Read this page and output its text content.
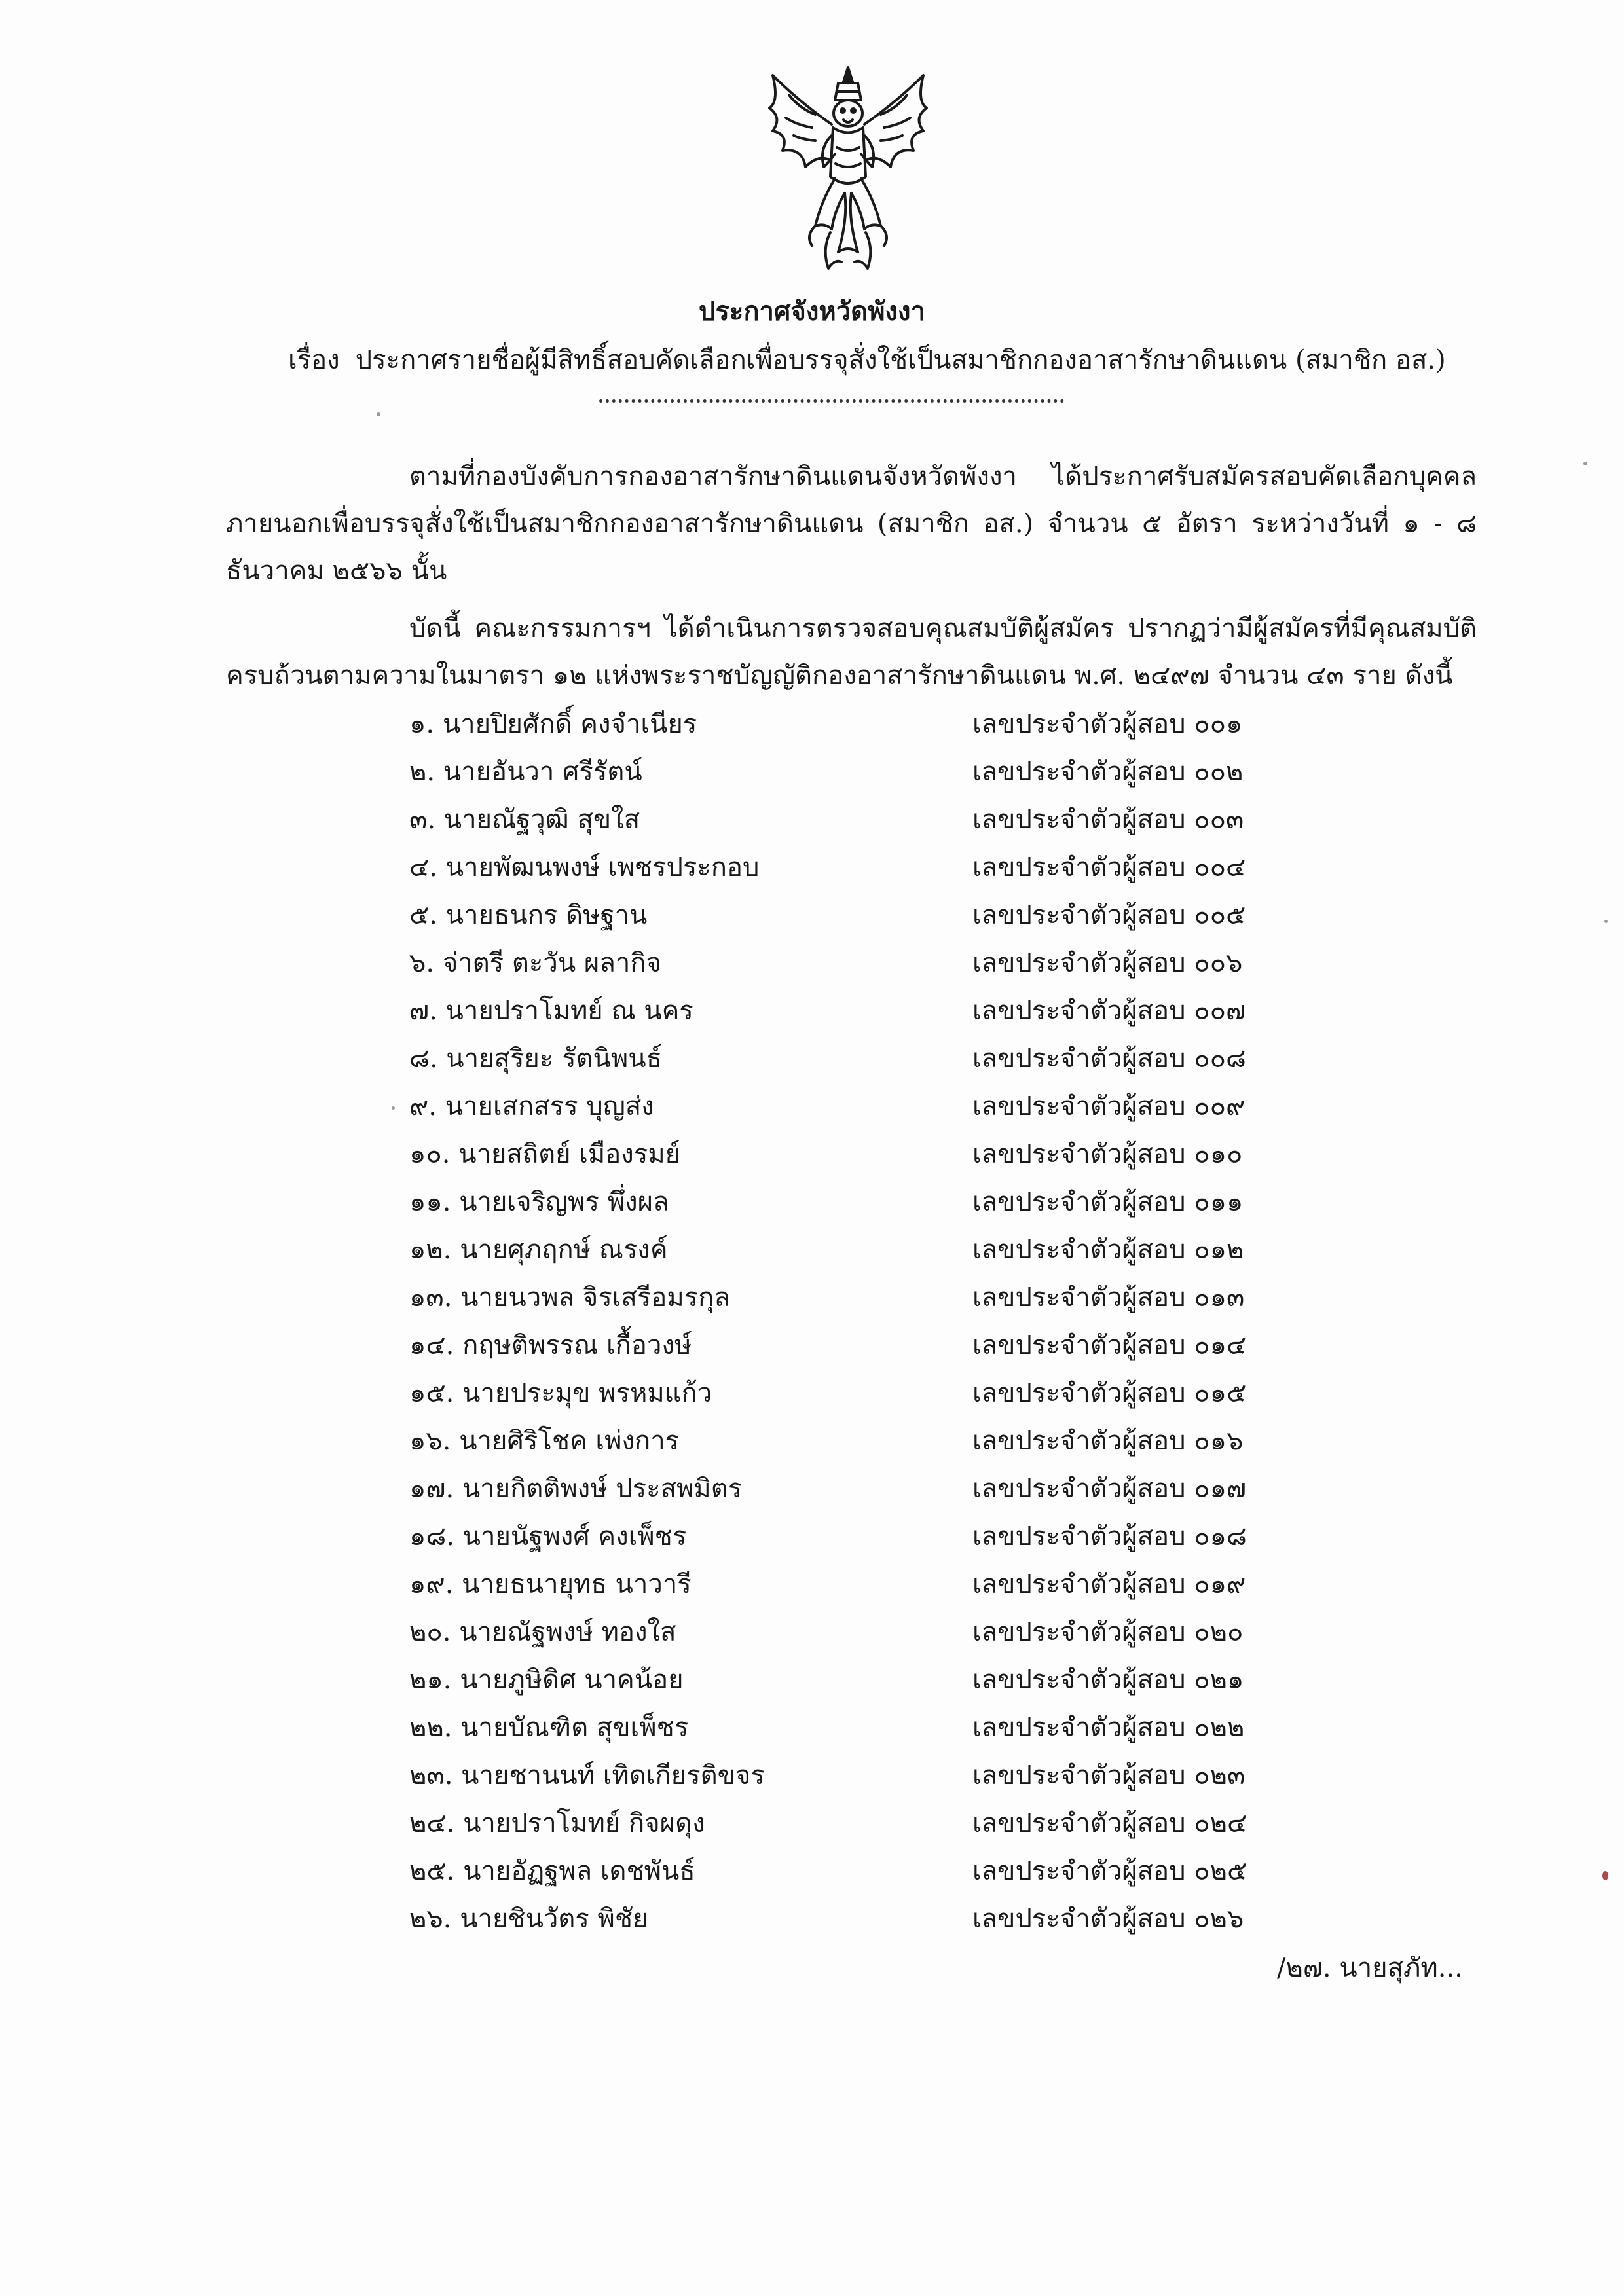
ประกาศจังหวัดพังงา
เรื่อง ประกาศรายชื่อผู้มีสิทธิ์สอบคัดเลือกเพื่อบรรจุสั่งใช้เป็นสมาชิกกองอาสารักษาดินแดน (สมาชิก อส.)
ตามที่กองบังคับการกองอาสารักษาดินแดนจังหวัดพังงา ได้ประกาศรับสมัครสอบคัดเลือกบุคคลภายนอกเพื่อบรรจุสั่งใช้เป็นสมาชิกกองอาสารักษาดินแดน (สมาชิก อส.) จำนวน ๕ อัตรา ระหว่างวันที่ ๑ - ๘ ธันวาคม ๒๕๖๖ นั้น
บัดนี้ คณะกรรมการฯ ได้ดำเนินการตรวจสอบคุณสมบัติผู้สมัคร ปรากฏว่ามีผู้สมัครที่มีคุณสมบัติครบถ้วนตามความในมาตรา ๑๒ แห่งพระราชบัญญัติกองอาสารักษาดินแดน พ.ศ. ๒๔๙๗ จำนวน ๔๓ ราย ดังนี้
๑. นายปิยศักดิ์ คงจำเนียร	เลขประจำตัวผู้สอบ ๐๐๑
๒. นายอันวา ศรีรัตน์	เลขประจำตัวผู้สอบ ๐๐๒
๓. นายณัฐวุฒิ สุขใส	เลขประจำตัวผู้สอบ ๐๐๓
๔. นายพัฒนพงษ์ เพชรประกอบ	เลขประจำตัวผู้สอบ ๐๐๔
๕. นายธนกร ดิษฐาน	เลขประจำตัวผู้สอบ ๐๐๕
๖. จ่าตรี ตะวัน ผลากิจ	เลขประจำตัวผู้สอบ ๐๐๖
๗. นายปราโมทย์ ณ นคร	เลขประจำตัวผู้สอบ ๐๐๗
๘. นายสุริยะ รัตนิพนธ์	เลขประจำตัวผู้สอบ ๐๐๘
๙. นายเสกสรร บุญส่ง	เลขประจำตัวผู้สอบ ๐๐๙
๑๐. นายสถิตย์ เมืองรมย์	เลขประจำตัวผู้สอบ ๐๑๐
๑๑. นายเจริญพร พึ่งผล	เลขประจำตัวผู้สอบ ๐๑๑
๑๒. นายศุภฤกษ์ ณรงค์	เลขประจำตัวผู้สอบ ๐๑๒
๑๓. นายนวพล จิรเสรีอมรกุล	เลขประจำตัวผู้สอบ ๐๑๓
๑๔. กฤษติพรรณ เกื้อวงษ์	เลขประจำตัวผู้สอบ ๐๑๔
๑๕. นายประมุข พรหมแก้ว	เลขประจำตัวผู้สอบ ๐๑๕
๑๖. นายศิริโชค เพ่งการ	เลขประจำตัวผู้สอบ ๐๑๖
๑๗. นายกิตติพงษ์ ประสพมิตร	เลขประจำตัวผู้สอบ ๐๑๗
๑๘. นายนัฐพงศ์ คงเพ็ชร	เลขประจำตัวผู้สอบ ๐๑๘
๑๙. นายธนายุทธ นาวารี	เลขประจำตัวผู้สอบ ๐๑๙
๒๐. นายณัฐพงษ์ ทองใส	เลขประจำตัวผู้สอบ ๐๒๐
๒๑. นายภูษิดิศ นาคน้อย	เลขประจำตัวผู้สอบ ๐๒๑
๒๒. นายบัณฑิต สุขเพ็ชร	เลขประจำตัวผู้สอบ ๐๒๒
๒๓. นายชานนท์ เทิดเกียรติขจร	เลขประจำตัวผู้สอบ ๐๒๓
๒๔. นายปราโมทย์ กิจผดุง	เลขประจำตัวผู้สอบ ๐๒๔
๒๕. นายอัฏฐพล เดชพันธ์	เลขประจำตัวผู้สอบ ๐๒๕
๒๖. นายชินวัตร พิชัย	เลขประจำตัวผู้สอบ ๐๒๖
/๒๗. นายสุภัท...
